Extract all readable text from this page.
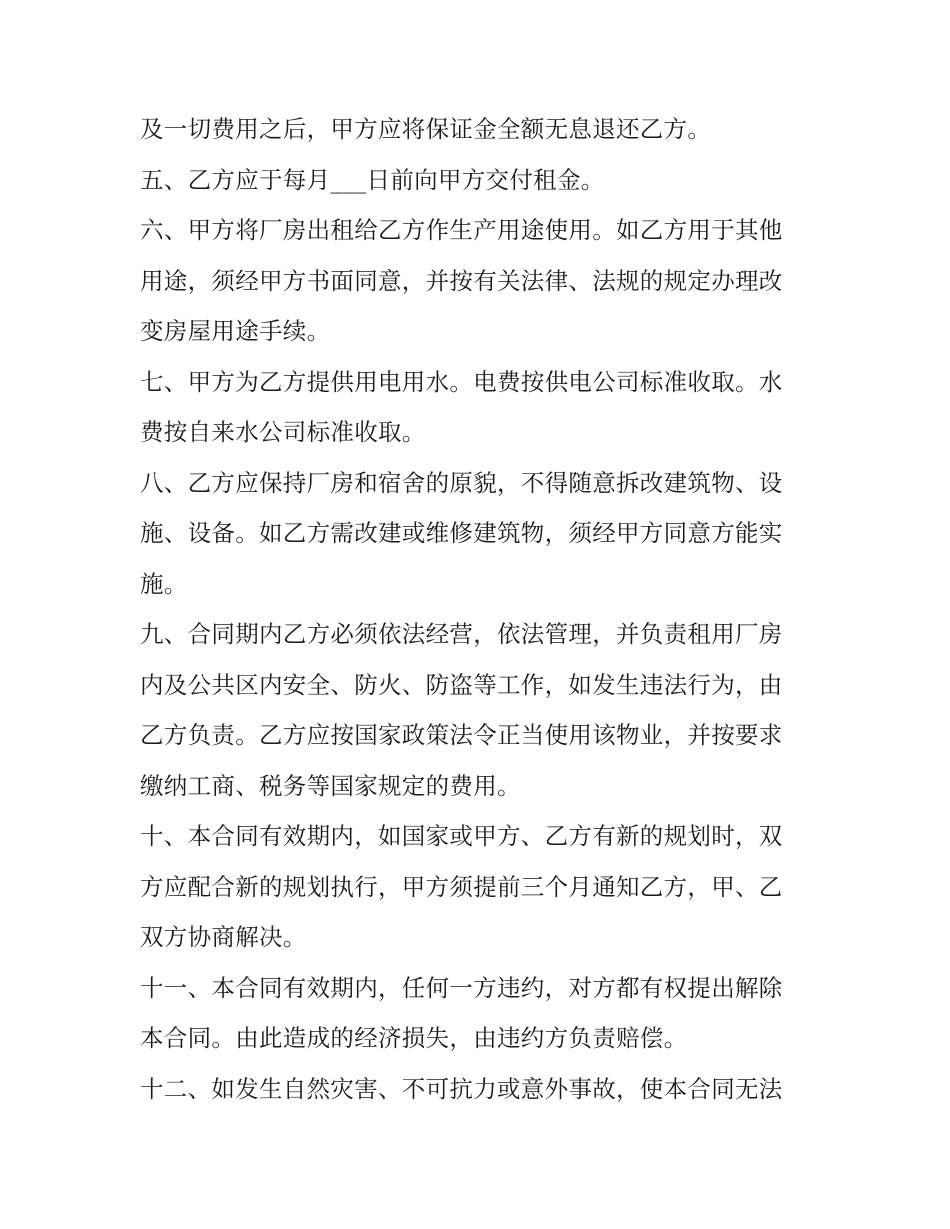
及一切费用之后，甲方应将保证金全额无息退还乙方。
五、乙方应于每月___日前向甲方交付租金。
六、甲方将厂房出租给乙方作生产用途使用。如乙方用于其他
用途，须经甲方书面同意，并按有关法律、法规的规定办理改
变房屋用途手续。
七、甲方为乙方提供用电用水。电费按供电公司标准收取。水
费按自来水公司标准收取。
八、乙方应保持厂房和宿舍的原貌，不得随意拆改建筑物、设
施、设备。如乙方需改建或维修建筑物，须经甲方同意方能实
施。
九、合同期内乙方必须依法经营，依法管理，并负责租用厂房
内及公共区内安全、防火、防盗等工作，如发生违法行为，由
乙方负责。乙方应按国家政策法令正当使用该物业，并按要求
缴纳工商、税务等国家规定的费用。
十、本合同有效期内，如国家或甲方、乙方有新的规划时，双
方应配合新的规划执行，甲方须提前三个月通知乙方，甲、乙
双方协商解决。
十一、本合同有效期内，任何一方违约，对方都有权提出解除
本合同。由此造成的经济损失，由违约方负责赔偿。
十二、如发生自然灾害、不可抗力或意外事故，使本合同无法
